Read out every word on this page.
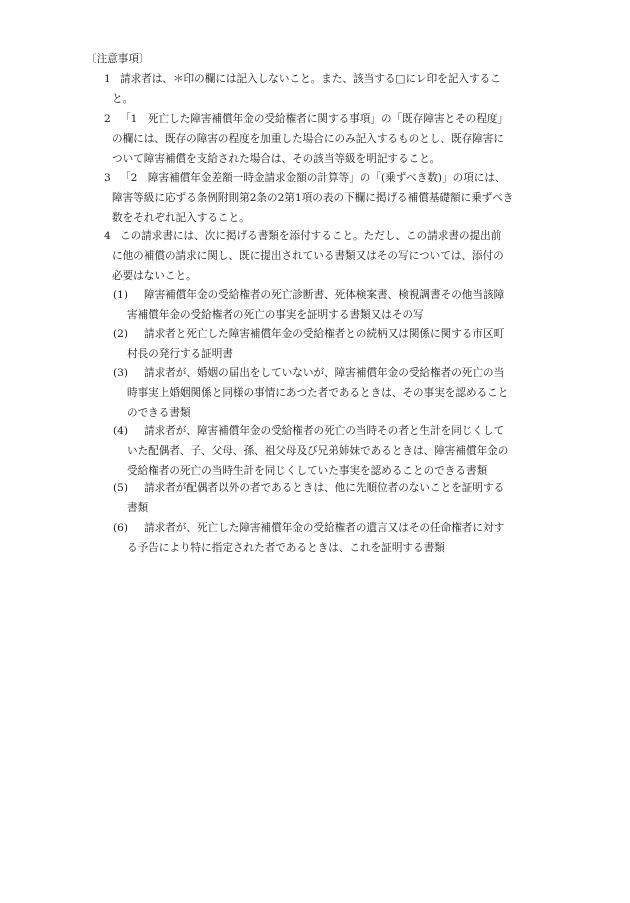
〔注意事項〕

1 請求者は、＊印の欄には記入しないこと。また、該当する□にレ印を記入するこ
と。
2 「1　死亡した障害補償年金の受給権者に関する事項」の「既存障害とその程度」
の欄には、既存の障害の程度を加重した場合にのみ記入するものとし、既存障害に
ついて障害補償を支給された場合は、その該当等級を明記すること。
3 「2　障害補償年金差額一時金請求金額の計算等」の「(乗ずべき数)」の項には、
障害等級に応ずる条例附則第2条の2第1項の表の下欄に掲げる補償基礎額に乗ずべき
数をそれぞれ記入すること。
4 この請求書には、次に掲げる書類を添付すること。ただし、この請求書の提出前
に他の補償の請求に関し、既に提出されている書類又はその写については、添付の
必要はないこと。
(1) 障害補償年金の受給権者の死亡診断書、死体検案書、検視調書その他当該障
害補償年金の受給権者の死亡の事実を証明する書類又はその写
(2) 請求者と死亡した障害補償年金の受給権者との続柄又は関係に関する市区町
村長の発行する証明書
(3) 請求者が、婚姻の届出をしていないが、障害補償年金の受給権者の死亡の当
時事実上婚姻関係と同様の事情にあつた者であるときは、その事実を認めること
のできる書類
(4) 請求者が、障害補償年金の受給権者の死亡の当時その者と生計を同じくして
いた配偶者、子、父母、孫、祖父母及び兄弟姉妹であるときは、障害補償年金の
受給権者の死亡の当時生計を同じくしていた事実を認めることのできる書類
(5) 請求者が配偶者以外の者であるときは、他に先順位者のないことを証明する
書類
(6) 請求者が、死亡した障害補償年金の受給権者の遺言又はその任命権者に対す
る予告により特に指定された者であるときは、これを証明する書類
